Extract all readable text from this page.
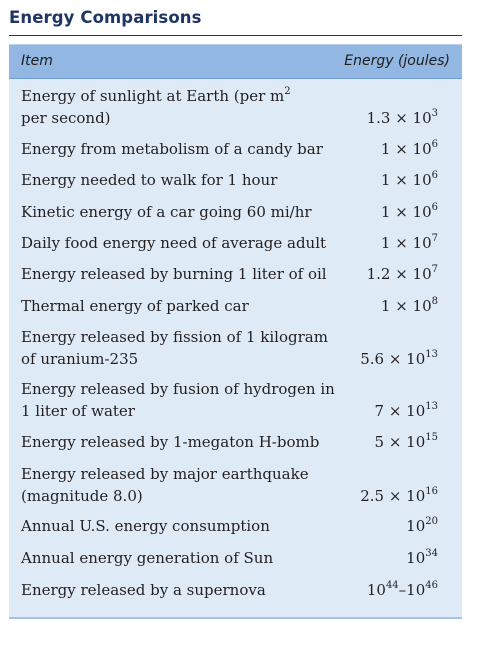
Energy Comparisons
Item	Energy (joules)
Energy of sunlight at Earth (per $m^2$
per second)	$1.3 \times 10^3$
Energy from metabolism of a candy bar	$1 \times 10^6$
Energy needed to walk for 1 hour	$1 \times 10^6$
Kinetic energy of a car going 60 mi/hr	$1 \times 10^6$
Daily food energy need of average adult	$1 \times 10^7$
Energy released by burning 1 liter of oil	$1.2 \times 10^7$
Thermal energy of parked car	$1 \times 10^8$
Energy released by fission of 1 kilogram
of uranium-235	$5.6 \times 10^{13}$
Energy released by fusion of hydrogen in
1 liter of water	$7 \times 10^{13}$
Energy released by 1-megaton H-bomb	$5 \times 10^{15}$
Energy released by major earthquake
(magnitude 8.0)	$2.5 \times 10^{16}$
Annual U.S. energy consumption	$10^{20}$
Annual energy generation of Sun	$10^{34}$
Energy released by a supernova	$10^{44}-10^{46}$
